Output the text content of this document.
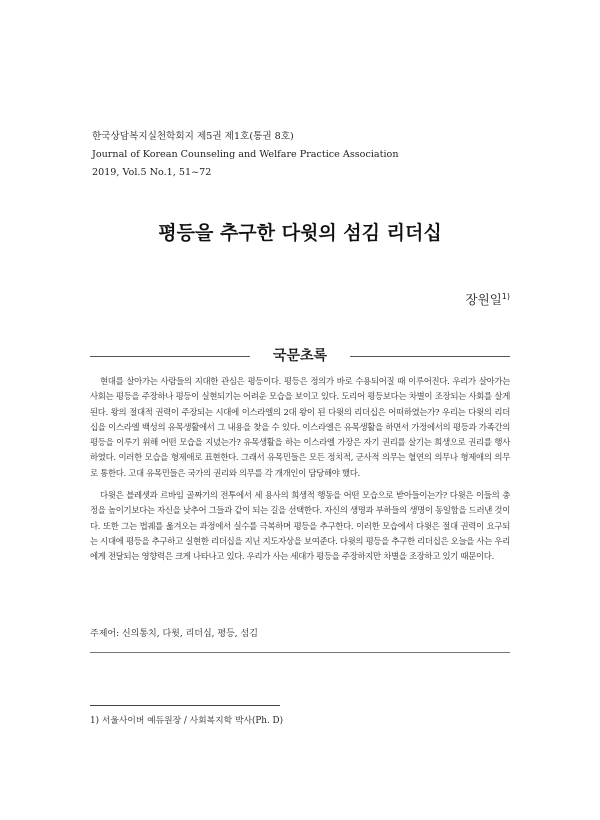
한국상담복지실천학회지 제5권 제1호(통권 8호)
Journal of Korean Counseling and Welfare Practice Association
2019, Vol.5 No.1, 51~72
평등을 추구한 다윗의 섬김 리더십
장원일$^{1)}$
국문초록

현대를 살아가는 사람들의 지대한 관심은 평등이다. 평등은 정의가 바로 수용되어질 때 이루어진다. 우리가 살아가는 사회는 평등을 주장하나 평등이 실현되기는 어려운 모습을 보이고 있다. 도리어 평등보다는 차별이 조장되는 사회를 살게 된다. 왕의 절대적 권력이 주장되는 시대에 이스라엘의 2대 왕이 된 다윗의 리더십은 어떠하였는가? 우리는 다윗의 리더십을 이스라엘 백성의 유목생활에서 그 내용을 찾을 수 있다. 이스라엘은 유목생활을 하면서 가정에서의 평등과 가족간의 평등을 이루기 위해 어떤 모습을 지녔는가? 유목생활을 하는 이스라엘 가장은 자기 권리를 살기는 희생으로 권리를 행사하였다. 이러한 모습을 형제애로 표현한다. 그래서 유목민들은 모든 정치적, 군사적 의무는 혈연의 의무나 형제애의 의무로 통한다. 고대 유목민들은 국가의 권리와 의무를 각 개개인이 담당해야 했다.

다윗은 블레셋과 르바임 골짜기의 전투에서 세 용사의 희생적 행동을 어떤 모습으로 받아들이는가? 다윗은 이들의 충정을 높이기보다는 자신을 낮추어 그들과 같이 되는 길을 선택한다. 자신의 생명과 부하들의 생명이 동일함을 드러낸 것이다. 또한 그는 법궤를 옮겨오는 과정에서 실수를 극복하며 평등을 추구한다. 이러한 모습에서 다윗은 절대 권력이 요구되는 시대에 평등을 추구하고 실현한 리더십을 지닌 지도자상을 보여준다. 다윗의 평등을 추구한 리더십은 오늘을 사는 우리에게 전달되는 영향력은 크게 나타나고 있다. 우리가 사는 세대가 평등을 주장하지만 차별을 조장하고 있기 때문이다.

주제어: 신의통치, 다윗, 리더십, 평등, 섬김
1) 서울사이버 예듀원장 / 사회복지학 박사(Ph. D)
